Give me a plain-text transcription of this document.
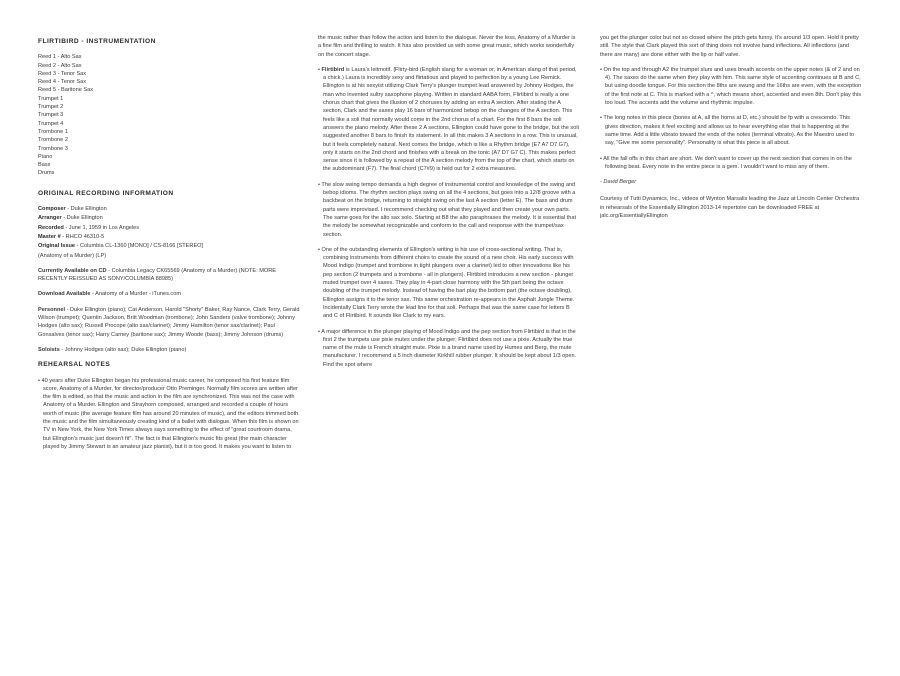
FLIRTIBIRD - INSTRUMENTATION
Reed 1 - Alto Sax
Reed 2 - Alto Sax
Reed 3 - Tenor Sax
Reed 4 - Tenor Sax
Reed 5 - Baritone Sax
Trumpet 1
Trumpet 2
Trumpet 3
Trumpet 4
Trombone 1
Trombone 2
Trombone 3
Piano
Bass
Drums
ORIGINAL RECORDING INFORMATION
Composer - Duke Ellington
Arranger - Duke Ellington
Recorded - June 1, 1959 in Los Angeles
Master # - RHCO 46310-5
Original Issue - Columbia CL-1360 [MONO] / CS-8166 [STEREO]
(Anatomy of a Murder) (LP)
Currently Available on CD - Columbia Legacy CK65569 (Anatomy of a Murder) (NOTE: MORE RECENTLY REISSUED AS SONY/COLUMBIA 88985)
Download Available - Anatomy of a Murder - iTunes.com
Personnel - Duke Ellington (piano); Cat Anderson, Harold "Shorty" Baker, Ray Nance, Clark Terry, Gerald Wilson (trumpet); Quentin Jackson, Britt Woodman (trombone); John Sanders (valve trombone); Johnny Hodges (alto sax); Russell Procope (alto sax/clarinet); Jimmy Hamilton (tenor sax/clarinet); Paul Gonsalves (tenor sax); Harry Carney (baritone sax); Jimmy Woode (bass); Jimmy Johnson (drums)
Soloists - Johnny Hodges (alto sax); Duke Ellington (piano)
REHEARSAL NOTES
• 40 years after Duke Ellington began his professional music career, he composed his first feature film score, Anatomy of a Murder, for director/producer Otto Preminger. Normally film scores are written after the film is edited, so that the music and action in the film are synchronized. This was not the case with Anatomy of a Murder. Ellington and Strayhorn composed, arranged and recorded a couple of hours worth of music (the average feature film has around 20 minutes of music), and the editors trimmed both the music and the film simultaneously creating kind of a ballet with dialogue. When this film is shown on TV in New York, the New York Times always says something to the effect of "great courtroom drama, but Ellington's music just doesn't fit". The fact is that Ellington's music fits great (the main character played by Jimmy Stewart is an amateur jazz pianist), but it is too good. It makes you want to listen to
the music rather than follow the action and listen to the dialogue. Never the less, Anatomy of a Murder is a fine film and thrilling to watch. It has also provided us with some great music, which works wonderfully on the concert stage.
• Flirtibird is Laura's leitmotif. [Flirty-bird (English slang for a woman or, in American slang of that period, a chick.) Laura is incredibly sexy and flirtatious and played to perfection by a young Lee Remick. Ellington is at his sexyist utilizing Clark Terry's plunger trumpet lead answered by Johnny Hodges, the man who invented sultry saxophone playing. Written in standard AABA form, Flirtibird is really a one chorus chart that gives the illusion of 2 choruses by adding an extra A section. After stating the A section, Clark and the saxes play 16 bars of harmonized bebop on the changes of the A section. This feels like a soli that normally would come in the 2nd chorus of a chart. For the first 8 bars the soli answers the piano melody. After these 2 A sections, Ellington could have gone to the bridge, but the soli suggested another 8 bars to finish its statement. In all this makes 3 A sections in a row. This is unusual, but it feels completely natural. Next comes the bridge, which is like a Rhythm bridge (E7 A7 D7 G7), only it starts on the 2nd chord and finishes with a break on the tonic (A7 D7 G7 C). This makes perfect sense since it is followed by a repeat of the A section melody from the top of the chart, which starts on the subdominant (F7). The final chord (C7#9) is held out for 2 extra measures.
• The slow swing tempo demands a high degree of instrumental control and knowledge of the swing and bebop idioms. The rhythm section plays swing on all the 4 sections, but goes into a 12/8 groove with a backbeat on the bridge, returning to straight swing on the last A section (letter E). The bass and drum parts were improvised. I recommend checking out what they played and then create your own parts. The same goes for the alto sax solo. Starting at B8 the alto paraphrases the melody. It is essential that the melody be somewhat recognizable and conform to the call and response with the trumpet/sax section.
• One of the outstanding elements of Ellington's writing is his use of cross-sectional writing. That is, combining instruments from different choirs to create the sound of a new choir. His early success with Mood Indigo (trumpet and trombone in tight plungers over a clarinet) led to other innovations like his pep section (2 trumpets and a trombone - all in plungers). Flirtibird introduces a new section - plunger muted trumpet over 4 saxes. They play in 4-part close harmony with the 5th part being the octave doubling of the trumpet melody. Instead of having the bari play the bottom part (the octave doubling), Ellington assigns it to the tenor sax. This same orchestration re-appears in the Asphalt Jungle Theme. Incidentally Clark Terry wrote the lead line for that soli. Perhaps that was the same case for letters B and C of Flirtibird. It sounds like Clark to my ears.
• A major difference in the plunger playing of Mood Indigo and the pep section from Flirtibird is that in the first 2 the trumpets use pixie mutes under the plunger; Flirtibird does not use a pixie. Actually the true name of the mute is French straight mute. Pixie is a brand name used by Humes and Berg, the mute manufacturer. I recommend a 5 inch diameter Kirkhill rubber plunger. It should be kept about 1/3 open. Find the spot where
you get the plunger color but not so closed where the pitch gets funny. It's around 1/3 open. Hold it pretty still. The style that Clark played this sort of thing does not involve hand inflections. All inflections (and there are many) are done either with the lip or half valve.
• On the top and through A2 the trumpet slurs and uses breath accents on the upper notes (& of 2 and on 4). The saxes do the same when they play with him. This same style of accenting continues at B and C, but using doodle tongue. For this section the 8ths are swung and the 16ths are even, with the exception of the first note at C. This is marked with a ^, which means short, accented and even 8th. Don't play this too loud. The accents add the volume and rhythmic impulse.
• The long notes in this piece (bones at A, all the horns at D, etc.) should be fp with a crescendo. This gives direction, makes it feel exciting and allows us to hear everything else that is happening at the same time. Add a little vibrato toward the ends of the notes (terminal vibrato). As the Maestro used to say, "Give me some personality". Personality is what this piece is all about.
• All the fall offs in this chart are short. We don't want to cover up the next section that comes in on the following beat. Every note in the entire piece is a gem. I wouldn't want to miss any of them.
- David Berger
Courtesy of Tutti Dynamics, Inc., videos of Wynton Marsalis leading the Jazz at Lincoln Center Orchestra in rehearsals of the Essentially Ellington 2013-14 repertoire can be downloaded FREE at jalc.org/EssentiallyEllington
